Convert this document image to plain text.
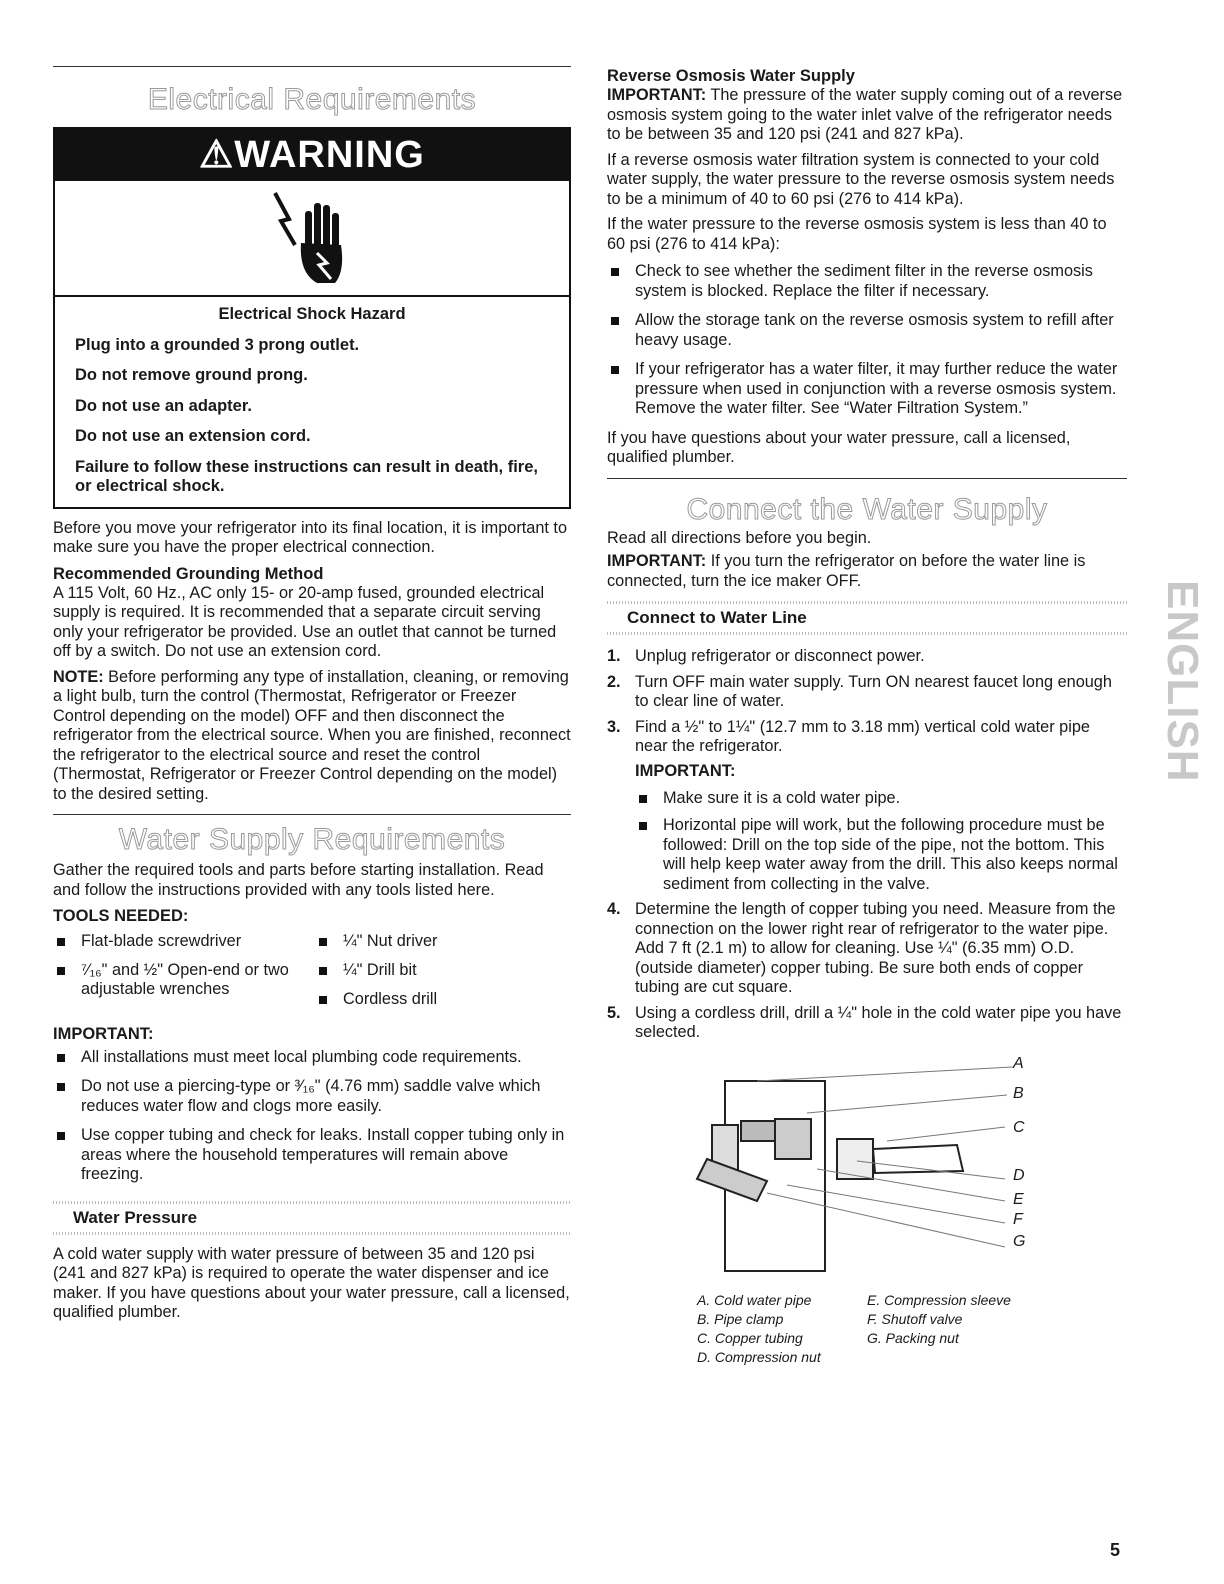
Electrical Requirements
⚠WARNING

Electrical Shock Hazard

Plug into a grounded 3 prong outlet.

Do not remove ground prong.

Do not use an adapter.

Do not use an extension cord.

Failure to follow these instructions can result in death, fire, or electrical shock.

Before you move your refrigerator into its final location, it is important to make sure you have the proper electrical connection.

Recommended Grounding Method

A 115 Volt, 60 Hz., AC only 15- or 20-amp fused, grounded electrical supply is required. It is recommended that a separate circuit serving only your refrigerator be provided. Use an outlet that cannot be turned off by a switch. Do not use an extension cord.

NOTE: Before performing any type of installation, cleaning, or removing a light bulb, turn the control (Thermostat, Refrigerator or Freezer Control depending on the model) OFF and then disconnect the refrigerator from the electrical source. When you are finished, reconnect the refrigerator to the electrical source and reset the control (Thermostat, Refrigerator or Freezer Control depending on the model) to the desired setting.

Water Supply Requirements

Gather the required tools and parts before starting installation. Read and follow the instructions provided with any tools listed here.

TOOLS NEEDED:

Flat-blade screwdriver

⁷⁄₁₆" and ½" Open-end or two adjustable wrenches

¼" Nut driver

¼" Drill bit

Cordless drill

IMPORTANT:

All installations must meet local plumbing code requirements.

Do not use a piercing-type or ³⁄₁₆" (4.76 mm) saddle valve which reduces water flow and clogs more easily.

Use copper tubing and check for leaks. Install copper tubing only in areas where the household temperatures will remain above freezing.

Water Pressure

A cold water supply with water pressure of between 35 and 120 psi (241 and 827 kPa) is required to operate the water dispenser and ice maker. If you have questions about your water pressure, call a licensed, qualified plumber.

Reverse Osmosis Water Supply

IMPORTANT: The pressure of the water supply coming out of a reverse osmosis system going to the water inlet valve of the refrigerator needs to be between 35 and 120 psi (241 and 827 kPa).

If a reverse osmosis water filtration system is connected to your cold water supply, the water pressure to the reverse osmosis system needs to be a minimum of 40 to 60 psi (276 to 414 kPa).

If the water pressure to the reverse osmosis system is less than 40 to 60 psi (276 to 414 kPa):

Check to see whether the sediment filter in the reverse osmosis system is blocked. Replace the filter if necessary.

Allow the storage tank on the reverse osmosis system to refill after heavy usage.

If your refrigerator has a water filter, it may further reduce the water pressure when used in conjunction with a reverse osmosis system. Remove the water filter. See “Water Filtration System.”

If you have questions about your water pressure, call a licensed, qualified plumber.

Connect the Water Supply

Read all directions before you begin.

IMPORTANT: If you turn the refrigerator on before the water line is connected, turn the ice maker OFF.

Connect to Water Line

1. Unplug refrigerator or disconnect power.

2. Turn OFF main water supply. Turn ON nearest faucet long enough to clear line of water.

3. Find a ½" to 1¼" (12.7 mm to 3.18 mm) vertical cold water pipe near the refrigerator.

IMPORTANT:

Make sure it is a cold water pipe.

Horizontal pipe will work, but the following procedure must be followed: Drill on the top side of the pipe, not the bottom. This will help keep water away from the drill. This also keeps normal sediment from collecting in the valve.

4. Determine the length of copper tubing you need. Measure from the connection on the lower right rear of refrigerator to the water pipe. Add 7 ft (2.1 m) to allow for cleaning. Use ¼" (6.35 mm) O.D. (outside diameter) copper tubing. Be sure both ends of copper tubing are cut square.

5. Using a cordless drill, drill a ¼" hole in the cold water pipe you have selected.

A
B
C
D
E
F
G

A. Cold water pipe

B. Pipe clamp

C. Copper tubing

D. Compression nut

E. Compression sleeve

F. Shutoff valve

G. Packing nut

ENGLISH
5
